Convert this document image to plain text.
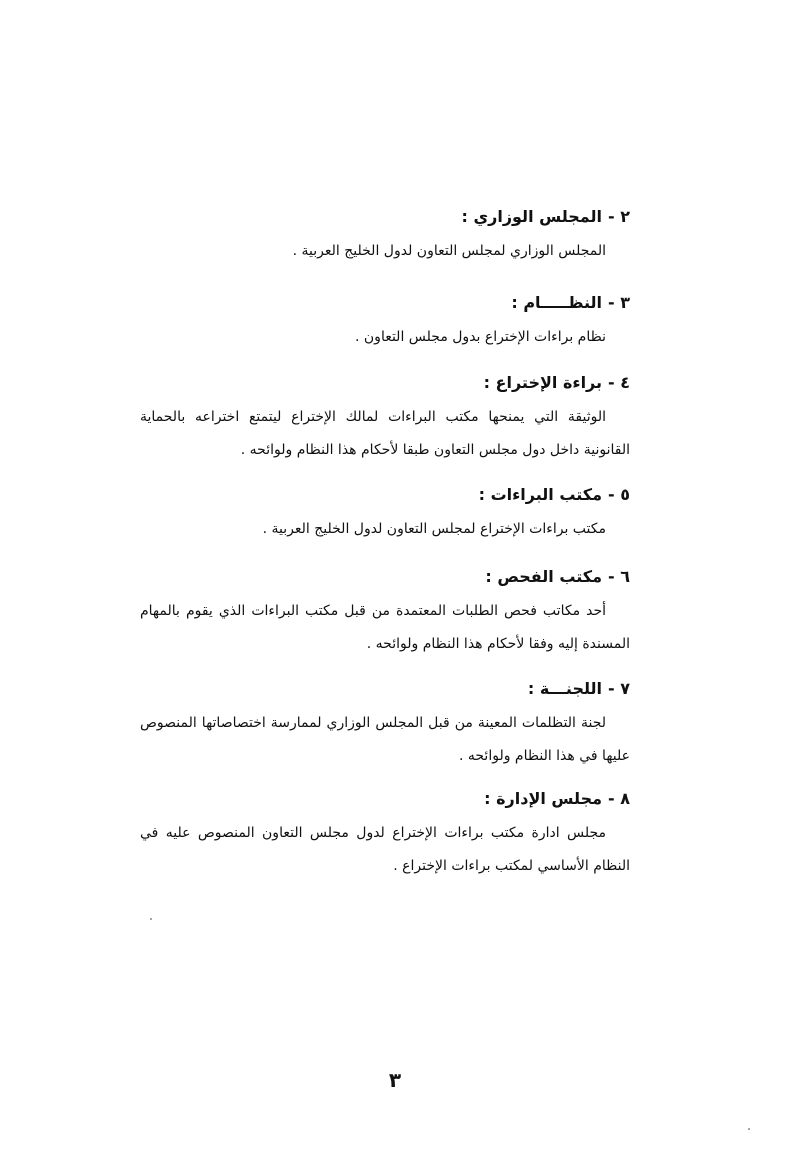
٢ -المجلس الوزاري :

المجلس الوزاري لمجلس التعاون لدول الخليج العربية .

٣ -النظـــــام :

نظام براءات الإختراع بدول مجلس التعاون .

٤ -براءة الإختراع :

الوثيقة التي يمنحها مكتب البراءات لمالك الإختراع ليتمتع اختراعه بالحماية القانونية داخل دول مجلس التعاون طبقا لأحكام هذا النظام ولوائحه .

٥ -مكتب البراءات :

مكتب براءات الإختراع لمجلس التعاون لدول الخليج العربية .

٦ -مكتب الفحص :

أحد مكاتب فحص الطلبات المعتمدة من قبل مكتب البراءات الذي يقوم بالمهام المسندة إليه وفقا لأحكام هذا النظام ولوائحه .

٧ -اللجنـــة :

لجنة التظلمات المعينة من قبل المجلس الوزاري لممارسة اختصاصاتها المنصوص عليها في هذا النظام ولوائحه .

٨ -مجلس الإدارة :

مجلس ادارة مكتب براءات الإختراع لدول مجلس التعاون المنصوص عليه في النظام الأساسي لمكتب براءات الإختراع .

٣
